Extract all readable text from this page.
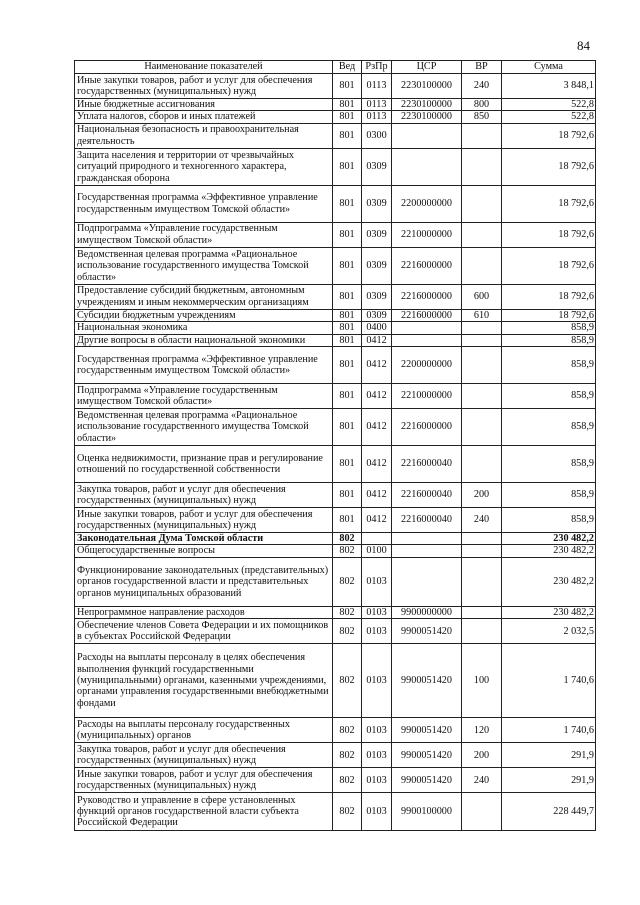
84
Наименование показателей	Вед	РзПр	ЦСР	ВР	Сумма
Иные закупки товаров, работ и услуг для обеспечения государственных (муниципальных) нужд	801	0113	2230100000	240	3 848,1
Иные бюджетные ассигнования	801	0113	2230100000	800	522,8
Уплата налогов, сборов и иных платежей	801	0113	2230100000	850	522,8
Национальная безопасность и правоохранительная деятельность	801	0300			18 792,6
Защита населения и территории от чрезвычайных ситуаций природного и техногенного характера, гражданская оборона	801	0309			18 792,6
Государственная программа «Эффективное управление государственным имуществом Томской области»	801	0309	2200000000		18 792,6
Подпрограмма «Управление государственным имуществом Томской области»	801	0309	2210000000		18 792,6
Ведомственная целевая программа «Рациональное использование государственного имущества Томской области»	801	0309	2216000000		18 792,6
Предоставление субсидий бюджетным, автономным учреждениям и иным некоммерческим организациям	801	0309	2216000000	600	18 792,6
Субсидии бюджетным учреждениям	801	0309	2216000000	610	18 792,6
Национальная экономика	801	0400			858,9
Другие вопросы в области национальной экономики	801	0412			858,9
Государственная программа «Эффективное управление государственным имуществом Томской области»	801	0412	2200000000		858,9
Подпрограмма «Управление государственным имуществом Томской области»	801	0412	2210000000		858,9
Ведомственная целевая программа «Рациональное использование государственного имущества Томской области»	801	0412	2216000000		858,9
Оценка недвижимости, признание прав и регулирование отношений по государственной собственности	801	0412	2216000040		858,9
Закупка товаров, работ и услуг для обеспечения государственных (муниципальных) нужд	801	0412	2216000040	200	858,9
Иные закупки товаров, работ и услуг для обеспечения государственных (муниципальных) нужд	801	0412	2216000040	240	858,9
Законодательная Дума Томской области	802				230 482,2
Общегосударственные вопросы	802	0100			230 482,2
Функционирование законодательных (представительных) органов государственной власти и представительных органов муниципальных образований	802	0103			230 482,2
Непрограммное направление расходов	802	0103	9900000000		230 482,2
Обеспечение членов Совета Федерации и их помощников в субъектах Российской Федерации	802	0103	9900051420		2 032,5
Расходы на выплаты персоналу в целях обеспечения выполнения функций государственными (муниципальными) органами, казенными учреждениями, органами управления государственными внебюджетными фондами	802	0103	9900051420	100	1 740,6
Расходы на выплаты персоналу государственных (муниципальных) органов	802	0103	9900051420	120	1 740,6
Закупка товаров, работ и услуг для обеспечения государственных (муниципальных) нужд	802	0103	9900051420	200	291,9
Иные закупки товаров, работ и услуг для обеспечения государственных (муниципальных) нужд	802	0103	9900051420	240	291,9
Руководство и управление в сфере установленных функций органов государственной власти субъекта Российской Федерации	802	0103	9900100000		228 449,7
